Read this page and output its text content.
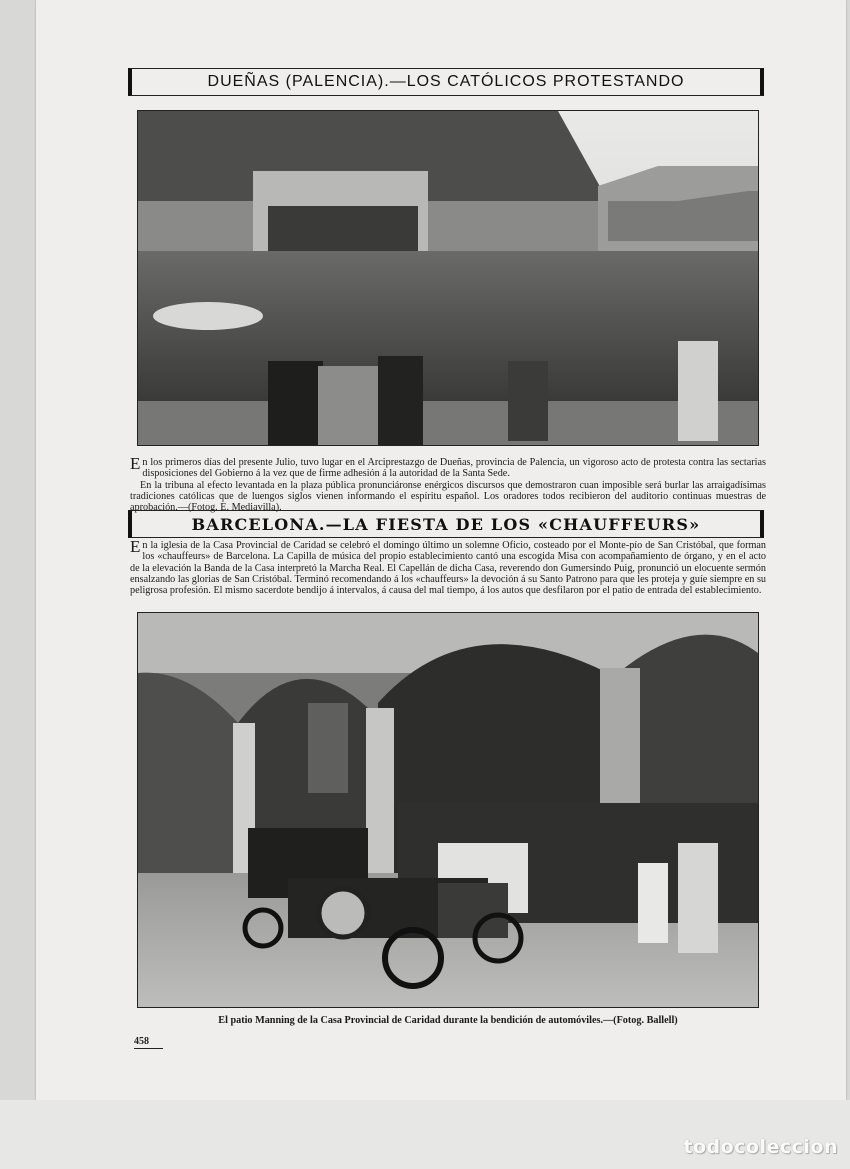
DUEÑAS (PALENCIA).—LOS CATÓLICOS PROTESTANDO

En los primeros días del presente Julio, tuvo lugar en el Arciprestazgo de Dueñas, provincia de Palencia, un vigoroso acto de protesta contra las sectarias disposiciones del Gobierno á la vez que de firme adhesión á la autoridad de la Santa Sede.

En la tribuna al efecto levantada en la plaza pública pronunciáronse enérgicos discursos que demostraron cuan imposible será burlar las arraigadísimas tradiciones católicas que de luengos siglos vienen informando el espíritu español. Los oradores todos recibieron del auditorio continuas muestras de aprobación.—(Fotog. E. Mediavilla).

BARCELONA.—LA FIESTA DE LOS «CHAUFFEURS»

En la iglesia de la Casa Provincial de Caridad se celebró el domingo último un solemne Oficio, costeado por el Monte-pío de San Cristóbal, que forman los «chauffeurs» de Barcelona. La Capilla de música del propio establecimiento cantó una escogida Misa con acompañamiento de órgano, y en el acto de la elevación la Banda de la Casa interpretó la Marcha Real. El Capellán de dicha Casa, reverendo don Gumersindo Puig, pronunció un elocuente sermón ensalzando las glorias de San Cristóbal. Terminó recomendando á los «chauffeurs» la devoción á su Santo Patrono para que les proteja y guíe siempre en su peligrosa profesión. El mismo sacerdote bendijo á intervalos, á causa del mal tiempo, á los autos que desfilaron por el patio de entrada del establecimiento.

El patio Manning de la Casa Provincial de Caridad durante la bendición de automóviles.—(Fotog. Ballell)
458
todocoleccion
